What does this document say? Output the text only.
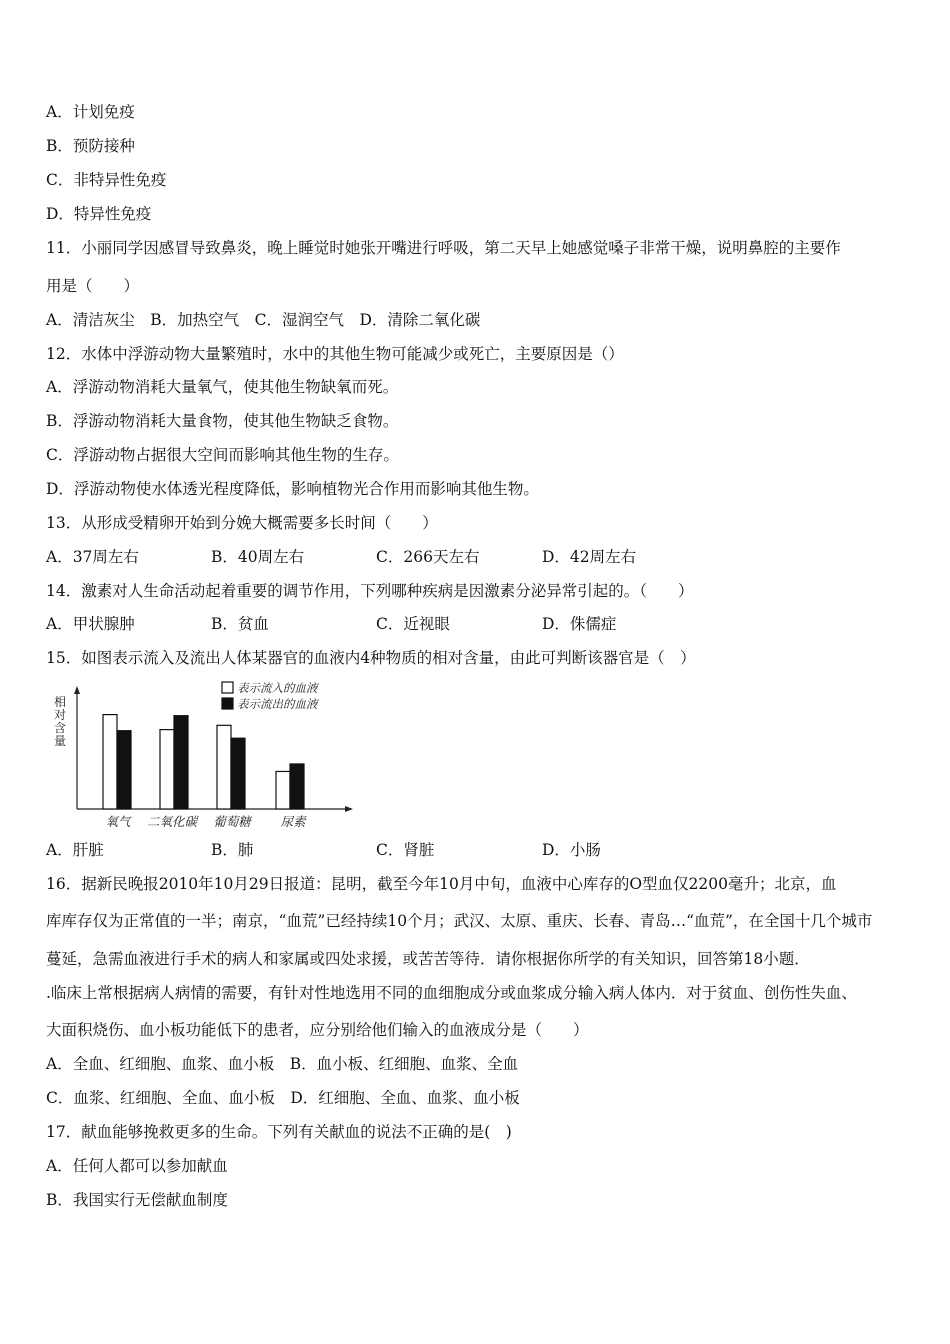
A．计划免疫
B．预防接种
C．非特异性免疫
D．特异性免疫
11．小丽同学因感冒导致鼻炎，晚上睡觉时她张开嘴进行呼吸，第二天早上她感觉嗓子非常干燥，说明鼻腔的主要作
用是（　　）
A．清洁灰尘　B．加热空气　C．湿润空气　D．清除二氧化碳
12．水体中浮游动物大量繁殖时，水中的其他生物可能减少或死亡，主要原因是（）
A．浮游动物消耗大量氧气，使其他生物缺氧而死。
B．浮游动物消耗大量食物，使其他生物缺乏食物。
C．浮游动物占据很大空间而影响其他生物的生存。
D．浮游动物使水体透光程度降低，影响植物光合作用而影响其他生物。
13．从形成受精卵开始到分娩大概需要多长时间（　　）
A．37周左右	B．40周左右	C．266天左右	D．42周左右
14．激素对人生命活动起着重要的调节作用，下列哪种疾病是因激素分泌异常引起的。（　　）
A．甲状腺肿	B．贫血	C．近视眼	D．侏儒症
15．如图表示流入及流出人体某器官的血液内4种物质的相对含量，由此可判断该器官是（　）
相
对
含
量
表示流入的血液
表示流出的血液
氧气 二氧化碳 葡萄糖 尿素
A．肝脏	B．肺	C．肾脏	D．小肠
16．据新民晚报2010年10月29日报道：昆明，截至今年10月中旬，血液中心库存的O型血仅2200毫升；北京，血
库库存仅为正常值的一半；南京，“血荒”已经持续10个月；武汉、太原、重庆、长春、青岛…“血荒”，在全国十几个城市
蔓延，急需血液进行手术的病人和家属或四处求援，或苦苦等待．请你根据你所学的有关知识，回答第18小题．
.临床上常根据病人病情的需要，有针对性地选用不同的血细胞成分或血浆成分输入病人体内．对于贫血、创伤性失血、
大面积烧伤、血小板功能低下的患者，应分别给他们输入的血液成分是（　　）
A．全血、红细胞、血浆、血小板　B．血小板、红细胞、血浆、全血
C．血浆、红细胞、全血、血小板　D．红细胞、全血、血浆、血小板
17．献血能够挽救更多的生命。下列有关献血的说法不正确的是(　)
A．任何人都可以参加献血
B．我国实行无偿献血制度
